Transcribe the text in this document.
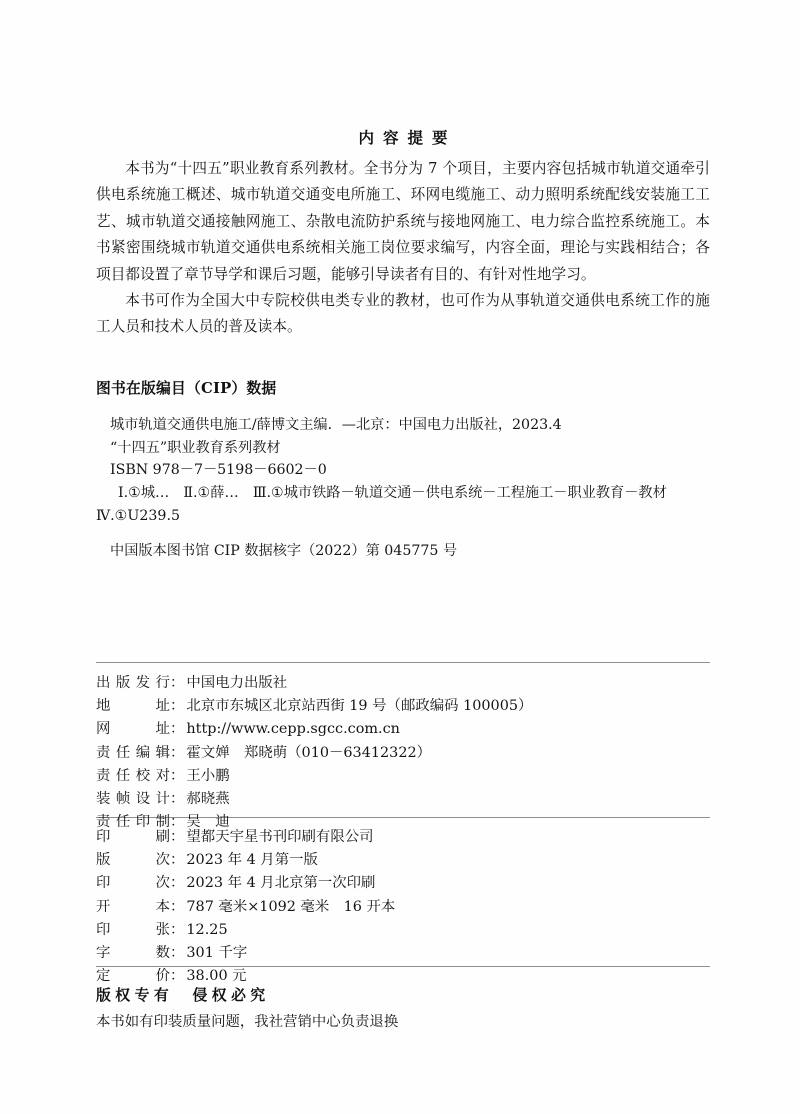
内容提要

本书为“十四五”职业教育系列教材。全书分为 7 个项目，主要内容包括城市轨道交通牵引供电系统施工概述、城市轨道交通变电所施工、环网电缆施工、动力照明系统配线安装施工工艺、城市轨道交通接触网施工、杂散电流防护系统与接地网施工、电力综合监控系统施工。本书紧密围绕城市轨道交通供电系统相关施工岗位要求编写，内容全面，理论与实践相结合；各项目都设置了章节导学和课后习题，能够引导读者有目的、有针对性地学习。

本书可作为全国大中专院校供电类专业的教材，也可作为从事轨道交通供电系统工作的施工人员和技术人员的普及读本。

图书在版编目（CIP）数据
城市轨道交通供电施工/薛博文主编．—北京：中国电力出版社，2023.4
“十四五”职业教育系列教材
ISBN 978－7－5198－6602－0
Ⅰ.①城…　Ⅱ.①薛…　Ⅲ.①城市铁路－轨道交通－供电系统－工程施工－职业教育－教材
Ⅳ.①U239.5
中国版本图书馆 CIP 数据核字（2022）第 045775 号
出版发行 ： 中国电力出版社
地址 ： 北京市东城区北京站西街 19 号（邮政编码 100005）
网址 ： http://www.cepp.sgcc.com.cn
责任编辑 ： 霍文婵　郑晓萌（010－63412322）
责任校对 ： 王小鹏
装帧设计 ： 郝晓燕
责任印制 ： 吴　迪
印刷 ： 望都天宇星书刊印刷有限公司
版次 ： 2023 年 4 月第一版
印次 ： 2023 年 4 月北京第一次印刷
开本 ： 787 毫米×1092 毫米　16 开本
印张 ： 12.25
字数 ： 301 千字
定价 ： 38.00 元
版权专有　侵权必究
本书如有印装质量问题，我社营销中心负责退换
